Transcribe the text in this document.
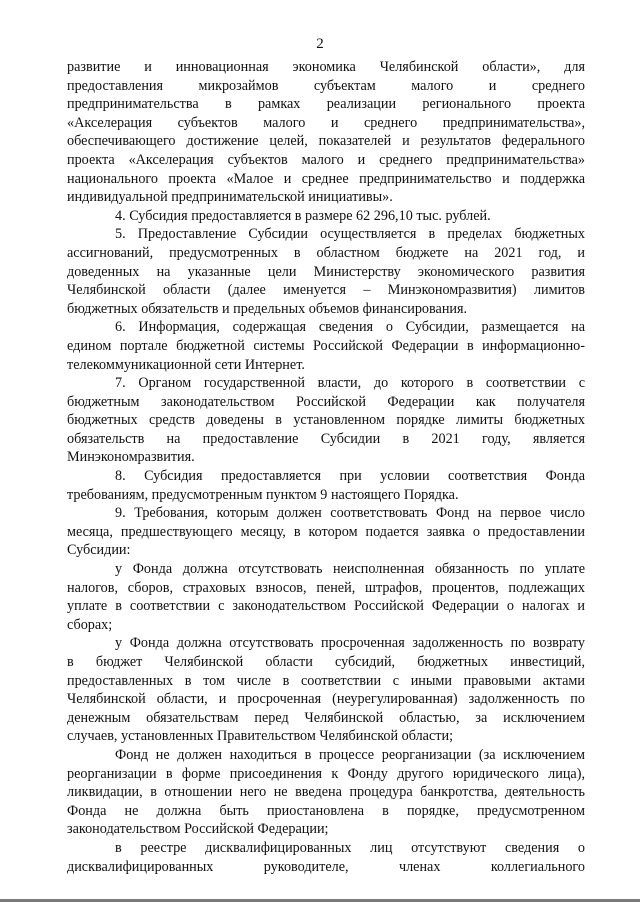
2
развитие и инновационная экономика Челябинской области», для
предоставления микрозаймов субъектам малого и среднего
предпринимательства в рамках реализации регионального проекта
«Акселерация субъектов малого и среднего предпринимательства»,
обеспечивающего достижение целей, показателей и результатов федерального
проекта «Акселерация субъектов малого и среднего предпринимательства»
национального проекта «Малое и среднее предпринимательство и поддержка
индивидуальной предпринимательской инициативы».
4. Субсидия предоставляется в размере 62 296,10 тыс. рублей.
5. Предоставление Субсидии осуществляется в пределах бюджетных
ассигнований, предусмотренных в областном бюджете на 2021 год, и
доведенных на указанные цели Министерству экономического развития
Челябинской области (далее именуется – Минэкономразвития) лимитов
бюджетных обязательств и предельных объемов финансирования.
6. Информация, содержащая сведения о Субсидии, размещается на
едином портале бюджетной системы Российской Федерации в информационно-
телекоммуникационной сети Интернет.
7. Органом государственной власти, до которого в соответствии с
бюджетным законодательством Российской Федерации как получателя
бюджетных средств доведены в установленном порядке лимиты бюджетных
обязательств на предоставление Субсидии в 2021 году, является
Минэкономразвития.
8. Субсидия предоставляется при условии соответствия Фонда
требованиям, предусмотренным пунктом 9 настоящего Порядка.
9. Требования, которым должен соответствовать Фонд на первое число
месяца, предшествующего месяцу, в котором подается заявка о предоставлении
Субсидии:
у Фонда должна отсутствовать неисполненная обязанность по уплате
налогов, сборов, страховых взносов, пеней, штрафов, процентов, подлежащих
уплате в соответствии с законодательством Российской Федерации о налогах и
сборах;
у Фонда должна отсутствовать просроченная задолженность по возврату
в бюджет Челябинской области субсидий, бюджетных инвестиций,
предоставленных в том числе в соответствии с иными правовыми актами
Челябинской области, и просроченная (неурегулированная) задолженность по
денежным обязательствам перед Челябинской областью, за исключением
случаев, установленных Правительством Челябинской области;
Фонд не должен находиться в процессе реорганизации (за исключением
реорганизации в форме присоединения к Фонду другого юридического лица),
ликвидации, в отношении него не введена процедура банкротства, деятельность
Фонда не должна быть приостановлена в порядке, предусмотренном
законодательством Российской Федерации;
в реестре дисквалифицированных лиц отсутствуют сведения о
дисквалифицированных руководителе, членах коллегиального
